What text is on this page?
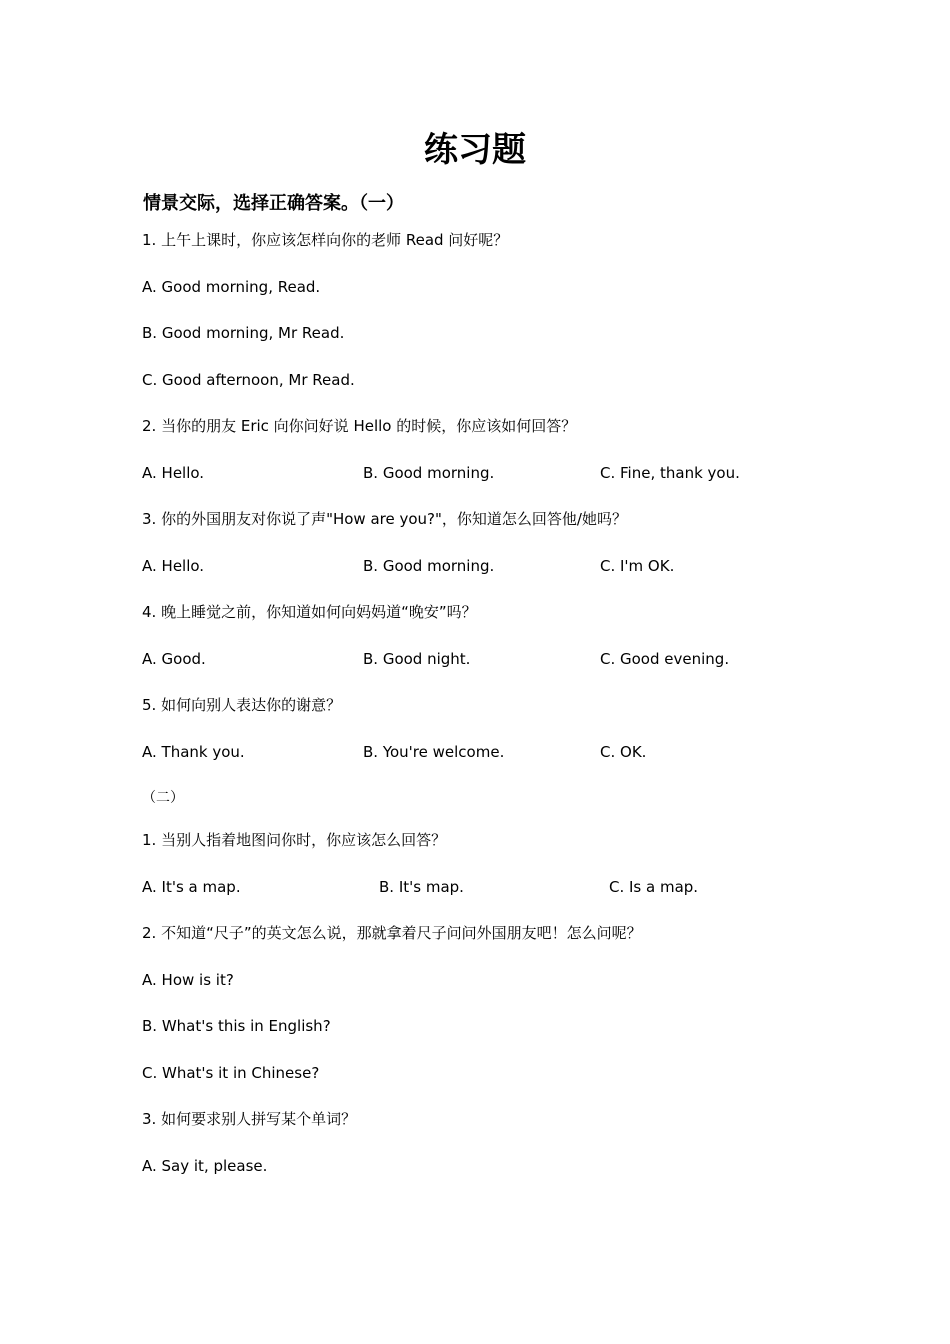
练习题
情景交际，选择正确答案。（一）
1. 上午上课时，你应该怎样向你的老师 Read 问好呢？
A. Good morning, Read.
B. Good morning, Mr Read.
C. Good afternoon, Mr Read.
2. 当你的朋友 Eric 向你问好说 Hello 的时候，你应该如何回答？
A. Hello.	B. Good morning.	C. Fine, thank you.
3. 你的外国朋友对你说了声"How are you?"，你知道怎么回答他/她吗？
A. Hello.	B. Good morning.	C. I'm OK.
4. 晚上睡觉之前，你知道如何向妈妈道“晚安”吗？
A. Good.	B. Good night.	C. Good evening.
5. 如何向别人表达你的谢意？
A. Thank you.	B. You're welcome.	C. OK.
（二）
1. 当别人指着地图问你时，你应该怎么回答？
A. It's a map.	B. It's map.	C. Is a map.
2. 不知道“尺子”的英文怎么说，那就拿着尺子问问外国朋友吧！怎么问呢？
A. How is it?
B. What's this in English?
C. What's it in Chinese?
3. 如何要求别人拼写某个单词？
A. Say it, please.
